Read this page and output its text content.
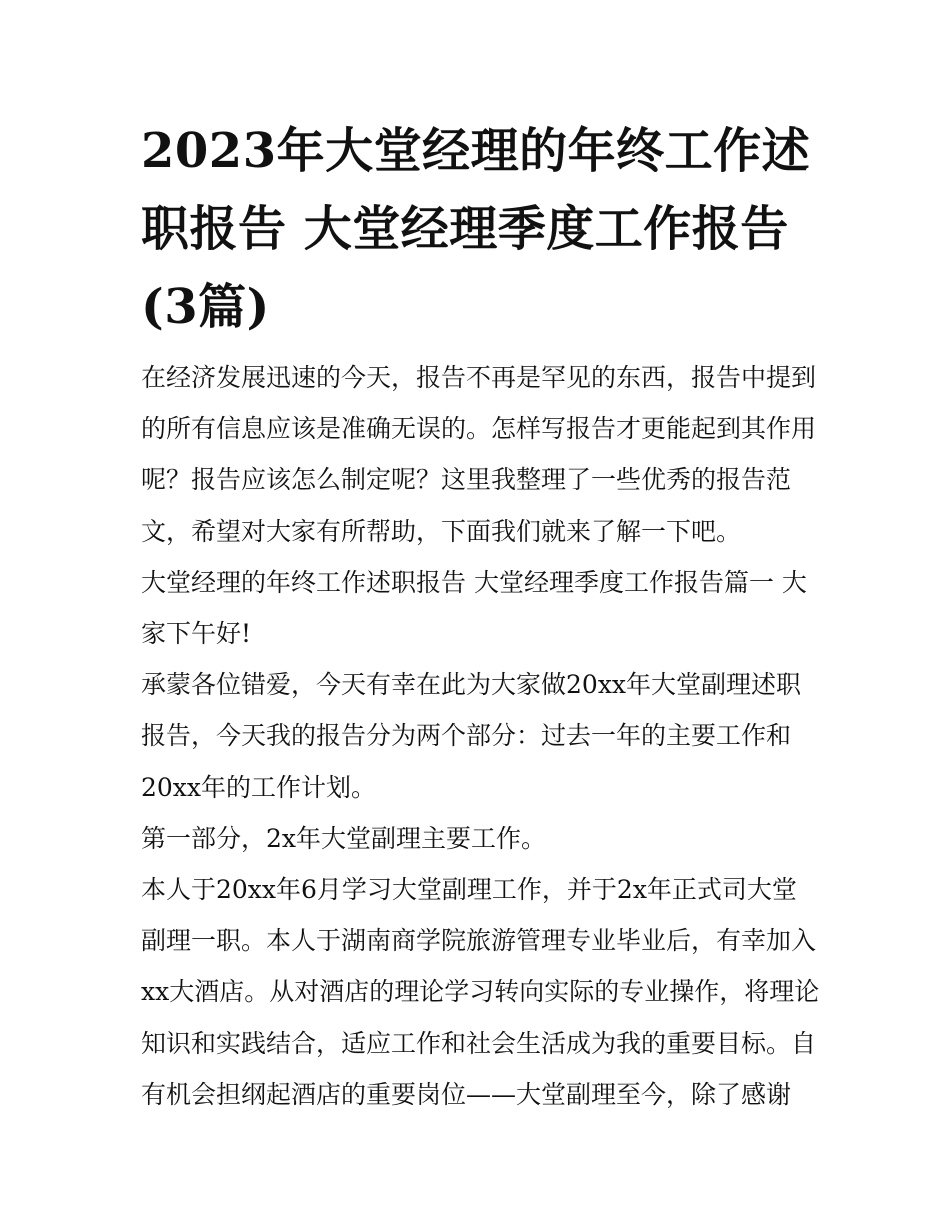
2023年大堂经理的年终工作述职报告 大堂经理季度工作报告(3篇)

在经济发展迅速的今天，报告不再是罕见的东西，报告中提到的所有信息应该是准确无误的。怎样写报告才更能起到其作用呢？报告应该怎么制定呢？这里我整理了一些优秀的报告范文，希望对大家有所帮助，下面我们就来了解一下吧。

大堂经理的年终工作述职报告 大堂经理季度工作报告篇一 大家下午好!

承蒙各位错爱，今天有幸在此为大家做20xx年大堂副理述职报告，今天我的报告分为两个部分：过去一年的主要工作和20xx年的工作计划。

第一部分，2x年大堂副理主要工作。

本人于20xx年6月学习大堂副理工作，并于2x年正式司大堂副理一职。本人于湖南商学院旅游管理专业毕业后，有幸加入xx大酒店。从对酒店的理论学习转向实际的专业操作，将理论知识和实践结合，适应工作和社会生活成为我的重要目标。自有机会担纲起酒店的重要岗位——大堂副理至今，除了感谢
